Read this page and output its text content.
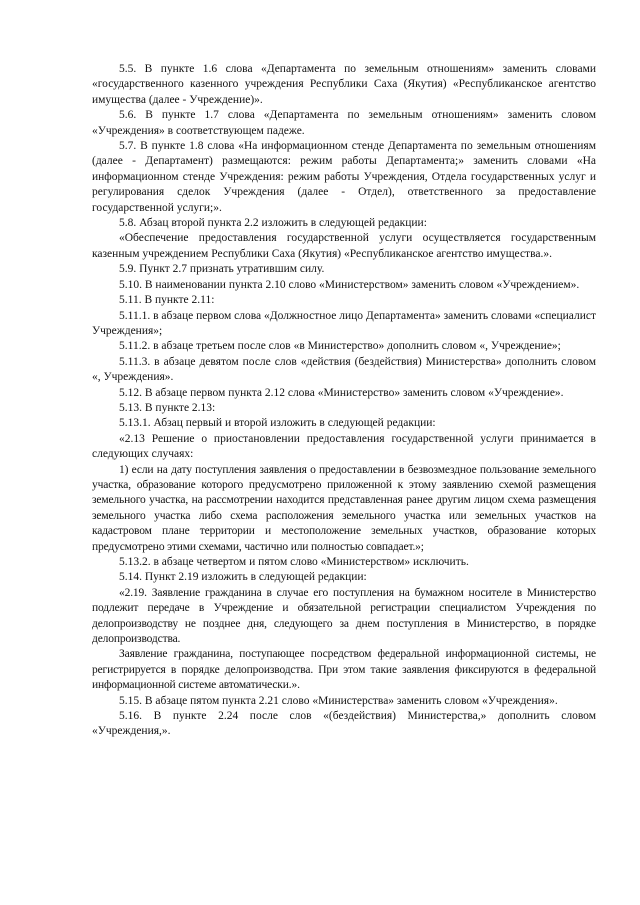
5.5. В пункте 1.6 слова «Департамента по земельным отношениям» заменить словами «государственного казенного учреждения Республики Саха (Якутия) «Республиканское агентство имущества (далее - Учреждение)».

5.6. В пункте 1.7 слова «Департамента по земельным отношениям» заменить словом «Учреждения» в соответствующем падеже.

5.7. В пункте 1.8 слова «На информационном стенде Департамента по земельным отношениям (далее - Департамент) размещаются: режим работы Департамента;» заменить словами «На информационном стенде Учреждения: режим работы Учреждения, Отдела государственных услуг и регулирования сделок Учреждения (далее - Отдел), ответственного за предоставление государственной услуги;».

5.8. Абзац второй пункта 2.2 изложить в следующей редакции:

«Обеспечение предоставления государственной услуги осуществляется государственным казенным учреждением Республики Саха (Якутия) «Республиканское агентство имущества.».

5.9. Пункт 2.7 признать утратившим силу.

5.10. В наименовании пункта 2.10 слово «Министерством» заменить словом «Учреждением».

5.11. В пункте 2.11:

5.11.1. в абзаце первом слова «Должностное лицо Департамента» заменить словами «специалист Учреждения»;

5.11.2. в абзаце третьем после слов «в Министерство» дополнить словом «, Учреждение»;

5.11.3. в абзаце девятом после слов «действия (бездействия) Министерства» дополнить словом «, Учреждения».

5.12. В абзаце первом пункта 2.12 слова «Министерство» заменить словом «Учреждение».

5.13. В пункте 2.13:

5.13.1. Абзац первый и второй изложить в следующей редакции:

«2.13 Решение о приостановлении предоставления государственной услуги принимается в следующих случаях:

1) если на дату поступления заявления о предоставлении в безвозмездное пользование земельного участка, образование которого предусмотрено приложенной к этому заявлению схемой размещения земельного участка, на рассмотрении находится представленная ранее другим лицом схема размещения земельного участка либо схема расположения земельного участка или земельных участков на кадастровом плане территории и местоположение земельных участков, образование которых предусмотрено этими схемами, частично или полностью совпадает.»;

5.13.2. в абзаце четвертом и пятом слово «Министерством» исключить.

5.14. Пункт 2.19 изложить в следующей редакции:

«2.19. Заявление гражданина в случае его поступления на бумажном носителе в Министерство подлежит передаче в Учреждение и обязательной регистрации специалистом Учреждения по делопроизводству не позднее дня, следующего за днем поступления в Министерство, в порядке делопроизводства.

Заявление гражданина, поступающее посредством федеральной информационной системы, не регистрируется в порядке делопроизводства. При этом такие заявления фиксируются в федеральной информационной системе автоматически.».

5.15. В абзаце пятом пункта 2.21 слово «Министерства» заменить словом «Учреждения».

5.16. В пункте 2.24 после слов «(бездействия) Министерства,» дополнить словом «Учреждения,».
